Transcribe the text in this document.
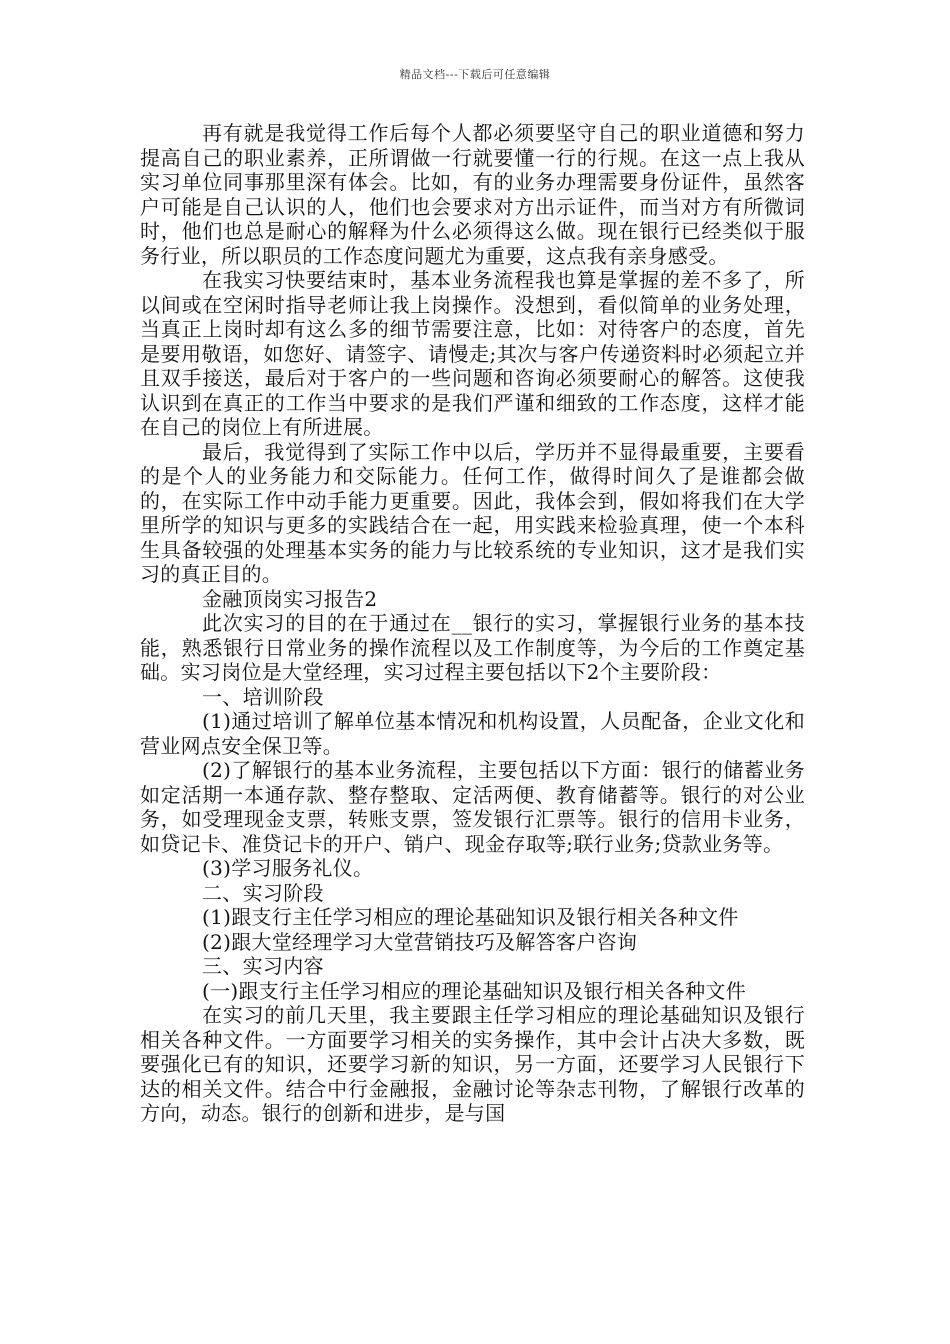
精品文档---下载后可任意编辑

再有就是我觉得工作后每个人都必须要坚守自己的职业道德和努力提高自己的职业素养，正所谓做一行就要懂一行的行规。在这一点上我从实习单位同事那里深有体会。比如，有的业务办理需要身份证件，虽然客户可能是自己认识的人，他们也会要求对方出示证件，而当对方有所微词时，他们也总是耐心的解释为什么必须得这么做。现在银行已经类似于服务行业，所以职员的工作态度问题尤为重要，这点我有亲身感受。

在我实习快要结束时，基本业务流程我也算是掌握的差不多了，所以间或在空闲时指导老师让我上岗操作。没想到，看似简单的业务处理，当真正上岗时却有这么多的细节需要注意，比如：对待客户的态度，首先是要用敬语，如您好、请签字、请慢走;其次与客户传递资料时必须起立并且双手接送，最后对于客户的一些问题和咨询必须要耐心的解答。这使我认识到在真正的工作当中要求的是我们严谨和细致的工作态度，这样才能在自己的岗位上有所进展。

最后，我觉得到了实际工作中以后，学历并不显得最重要，主要看的是个人的业务能力和交际能力。任何工作，做得时间久了是谁都会做的，在实际工作中动手能力更重要。因此，我体会到，假如将我们在大学里所学的知识与更多的实践结合在一起，用实践来检验真理，使一个本科生具备较强的处理基本实务的能力与比较系统的专业知识，这才是我们实习的真正目的。

金融顶岗实习报告2

此次实习的目的在于通过在__银行的实习，掌握银行业务的基本技能，熟悉银行日常业务的操作流程以及工作制度等，为今后的工作奠定基础。实习岗位是大堂经理，实习过程主要包括以下2个主要阶段：

一、培训阶段

(1)通过培训了解单位基本情况和机构设置，人员配备，企业文化和营业网点安全保卫等。

(2)了解银行的基本业务流程，主要包括以下方面：银行的储蓄业务如定活期一本通存款、整存整取、定活两便、教育储蓄等。银行的对公业务，如受理现金支票，转账支票，签发银行汇票等。银行的信用卡业务，如贷记卡、准贷记卡的开户、销户、现金存取等;联行业务;贷款业务等。

(3)学习服务礼仪。

二、实习阶段

(1)跟支行主任学习相应的理论基础知识及银行相关各种文件

(2)跟大堂经理学习大堂营销技巧及解答客户咨询

三、实习内容

(一)跟支行主任学习相应的理论基础知识及银行相关各种文件

在实习的前几天里，我主要跟主任学习相应的理论基础知识及银行相关各种文件。一方面要学习相关的实务操作，其中会计占决大多数，既要强化已有的知识，还要学习新的知识，另一方面，还要学习人民银行下达的相关文件。结合中行金融报，金融讨论等杂志刊物，了解银行改革的方向，动态。银行的创新和进步，是与国
